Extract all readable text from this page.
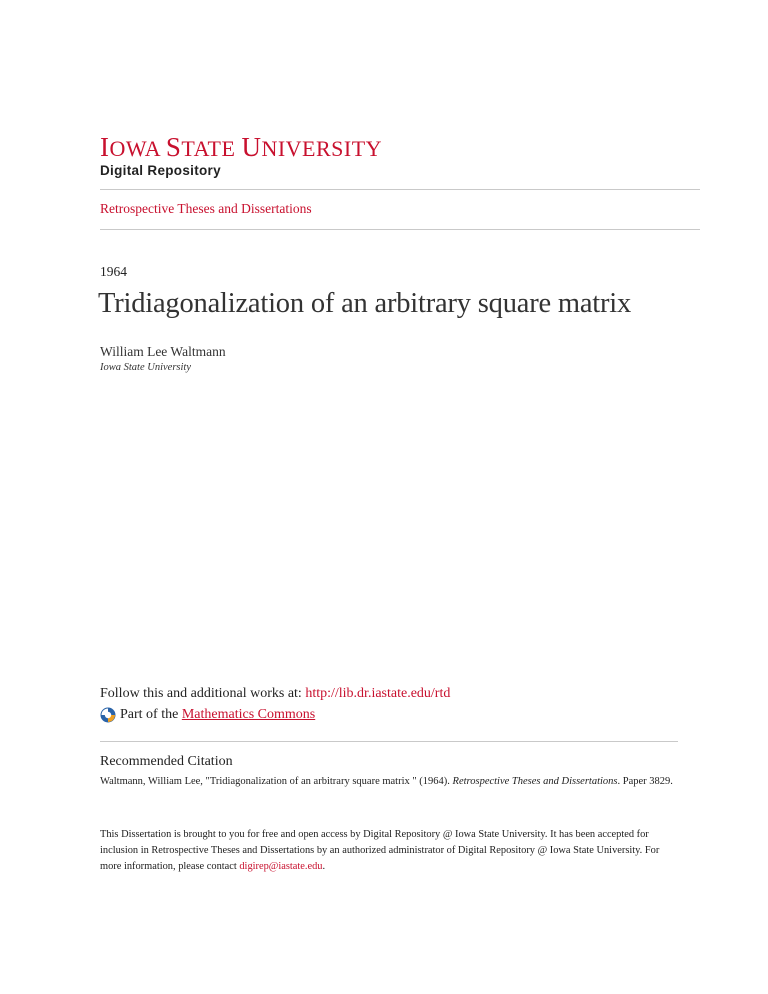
IOWA STATE UNIVERSITY
Digital Repository
Retrospective Theses and Dissertations
1964
Tridiagonalization of an arbitrary square matrix
William Lee Waltmann
Iowa State University
Follow this and additional works at: http://lib.dr.iastate.edu/rtd
Part of the
Mathematics Commons
Recommended Citation
Waltmann, William Lee, "Tridiagonalization of an arbitrary square matrix " (1964). Retrospective Theses and Dissertations. Paper 3829.
This Dissertation is brought to you for free and open access by Digital Repository @ Iowa State University. It has been accepted for inclusion in Retrospective Theses and Dissertations by an authorized administrator of Digital Repository @ Iowa State University. For more information, please contact digirep@iastate.edu.
